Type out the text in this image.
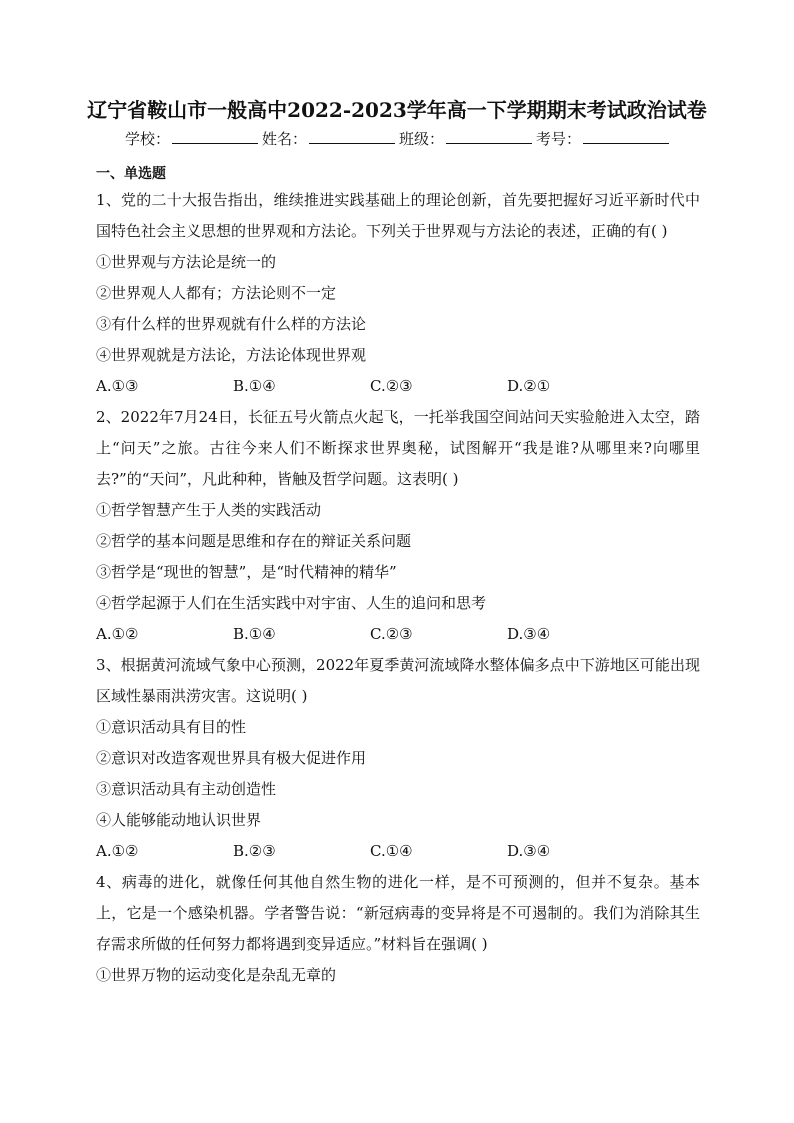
辽宁省鞍山市一般高中2022-2023学年高一下学期期末考试政治试卷
学校：	姓名：	班级：	考号：
一、单选题
1、党的二十大报告指出，维续推进实践基础上的理论创新，首先要把握好习近平新时代中国特色社会主义思想的世界观和方法论。下列关于世界观与方法论的表述，正确的有( )
①世界观与方法论是统一的
②世界观人人都有；方法论则不一定
③有什么样的世界观就有什么样的方法论
④世界观就是方法论，方法论体现世界观
A.①③	B.①④	C.②③	D.②①
2、2022年7月24日，长征五号火箭点火起飞，一托举我国空间站问天实验舱进入太空，踏上“问天”之旅。古往今来人们不断探求世界奥秘，试图解开“我是谁?从哪里来?向哪里去?”的“天问”，凡此种种，皆触及哲学问题。这表明( )
①哲学智慧产生于人类的实践活动
②哲学的基本问题是思维和存在的辩证关系问题
③哲学是“现世的智慧”，是“时代精神的精华”
④哲学起源于人们在生活实践中对宇宙、人生的追问和思考
A.①②	B.①④	C.②③	D.③④
3、根据黄河流域气象中心预测，2022年夏季黄河流域降水整体偏多点中下游地区可能出现区域性暴雨洪涝灾害。这说明( )
①意识活动具有目的性
②意识对改造客观世界具有极大促进作用
③意识活动具有主动创造性
④人能够能动地认识世界
A.①②	B.②③	C.①④	D.③④
4、病毒的进化，就像任何其他自然生物的进化一样，是不可预测的，但并不复杂。基本上，它是一个感染机器。学者警告说：“新冠病毒的变异将是不可遏制的。我们为消除其生存需求所做的任何努力都将遇到变异适应。”材料旨在强调( )
①世界万物的运动变化是杂乱无章的
